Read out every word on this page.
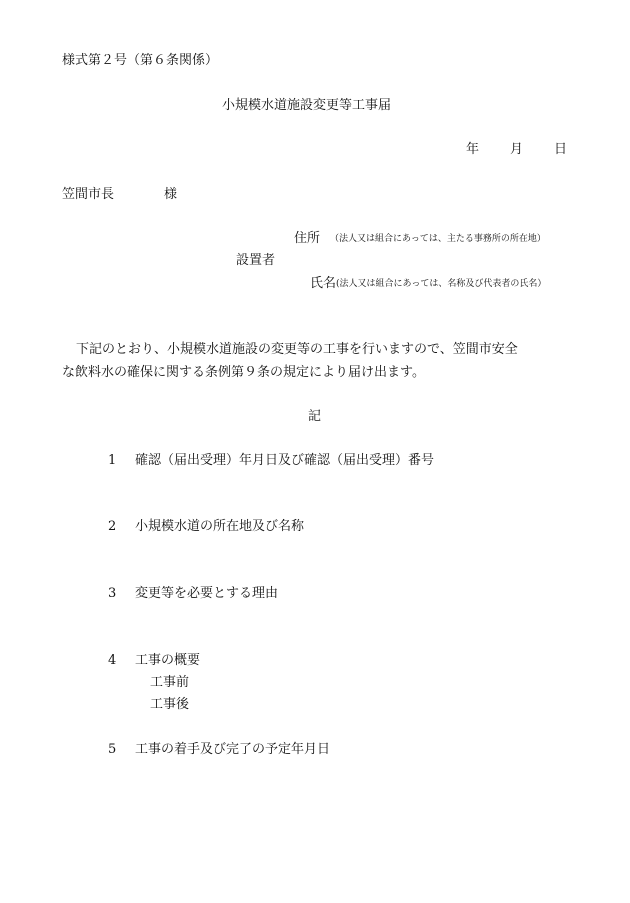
様式第２号（第６条関係）
小規模水道施設変更等工事届
年 月 日
笠間市長	様
住所 （法人又は組合にあっては、主たる事務所の所在地）
設置者
氏名 (法人又は組合にあっては、名称及び代表者の氏名）
下記のとおり、小規模水道施設の変更等の工事を行いますので、笠間市安全
な飲料水の確保に関する条例第９条の規定により届け出ます。
記
1 確認（届出受理）年月日及び確認（届出受理）番号
2 小規模水道の所在地及び名称
3 変更等を必要とする理由
4 工事の概要
工事前
工事後
5 工事の着手及び完了の予定年月日
